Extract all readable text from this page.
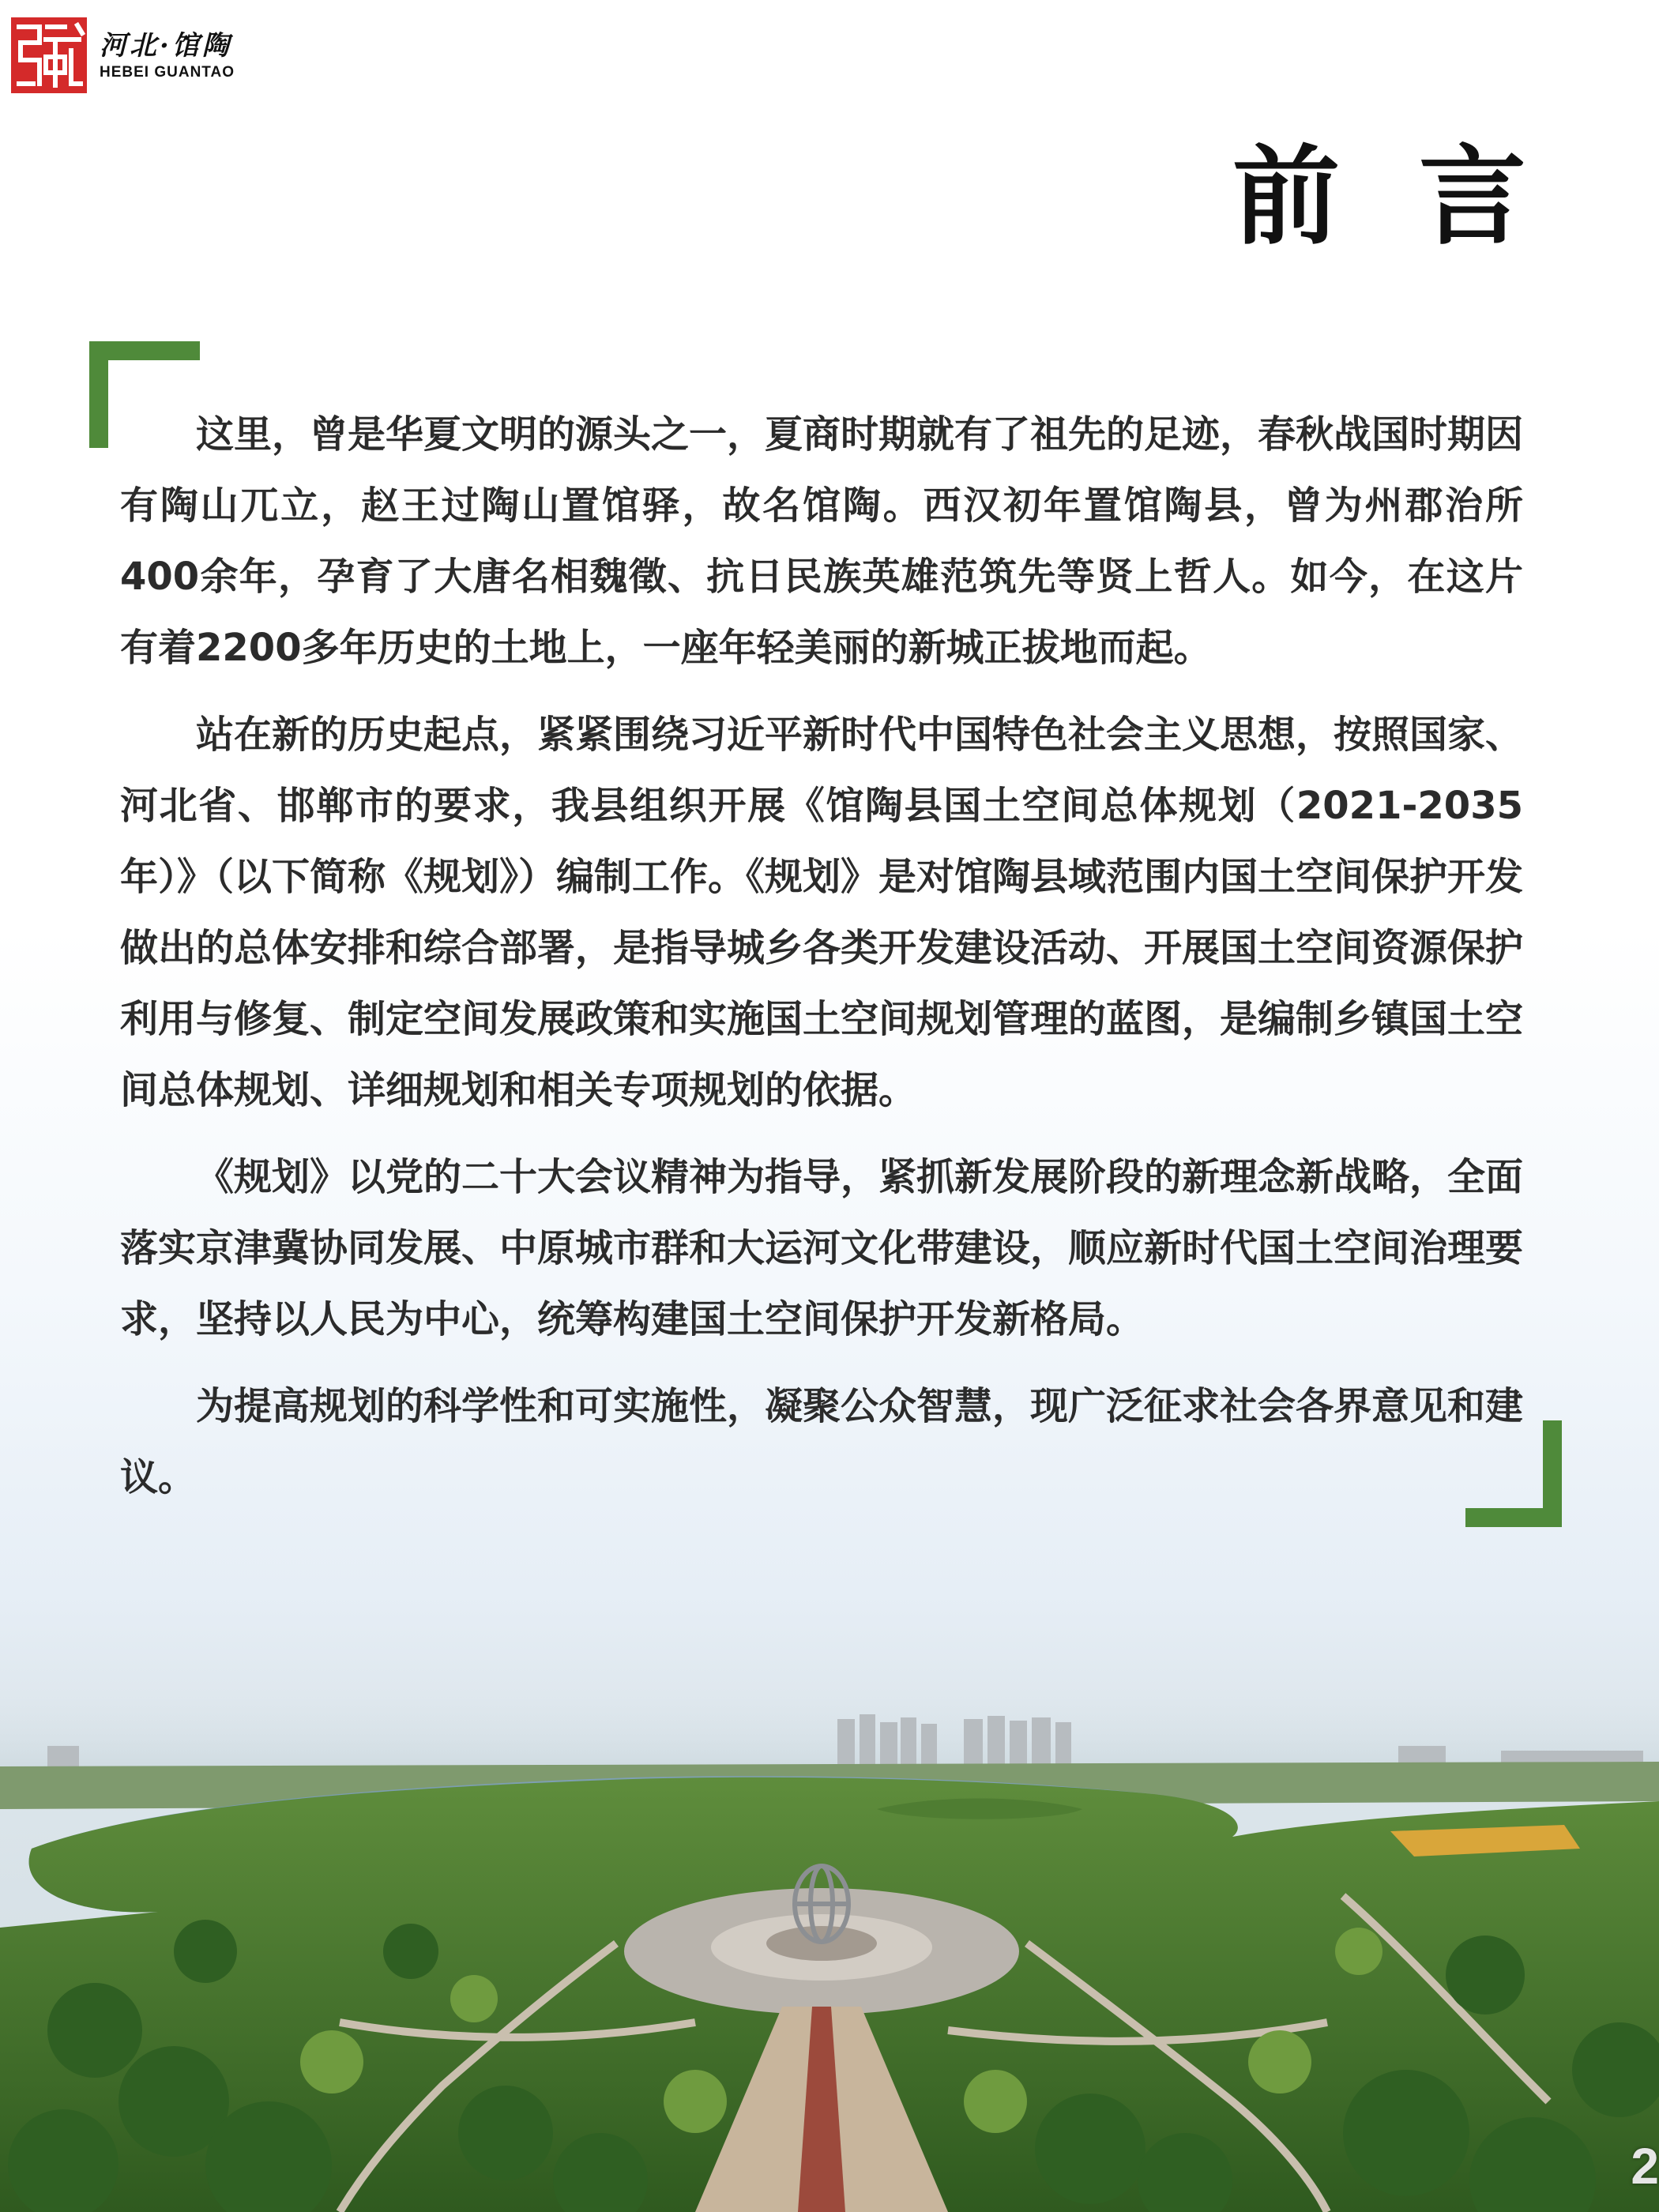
河北·馆陶
HEBEI GUANTAO
前言

这里，曾是华夏文明的源头之一，夏商时期就有了祖先的足迹，春秋战国时期因有陶山兀立，赵王过陶山置馆驿，故名馆陶。西汉初年置馆陶县，曾为州郡治所400余年，孕育了大唐名相魏徵、抗日民族英雄范筑先等贤上哲人。如今，在这片有着2200多年历史的土地上，一座年轻美丽的新城正拔地而起。

站在新的历史起点，紧紧围绕习近平新时代中国特色社会主义思想，按照国家、河北省、邯郸市的要求，我县组织开展《馆陶县国土空间总体规划（2021-2035年）》（以下简称《规划》）编制工作。《规划》是对馆陶县域范围内国土空间保护开发做出的总体安排和综合部署，是指导城乡各类开发建设活动、开展国土空间资源保护利用与修复、制定空间发展政策和实施国土空间规划管理的蓝图，是编制乡镇国土空间总体规划、详细规划和相关专项规划的依据。

《规划》以党的二十大会议精神为指导，紧抓新发展阶段的新理念新战略，全面落实京津冀协同发展、中原城市群和大运河文化带建设，顺应新时代国土空间治理要求，坚持以人民为中心，统筹构建国土空间保护开发新格局。

为提高规划的科学性和可实施性，凝聚公众智慧，现广泛征求社会各界意见和建议。

2
